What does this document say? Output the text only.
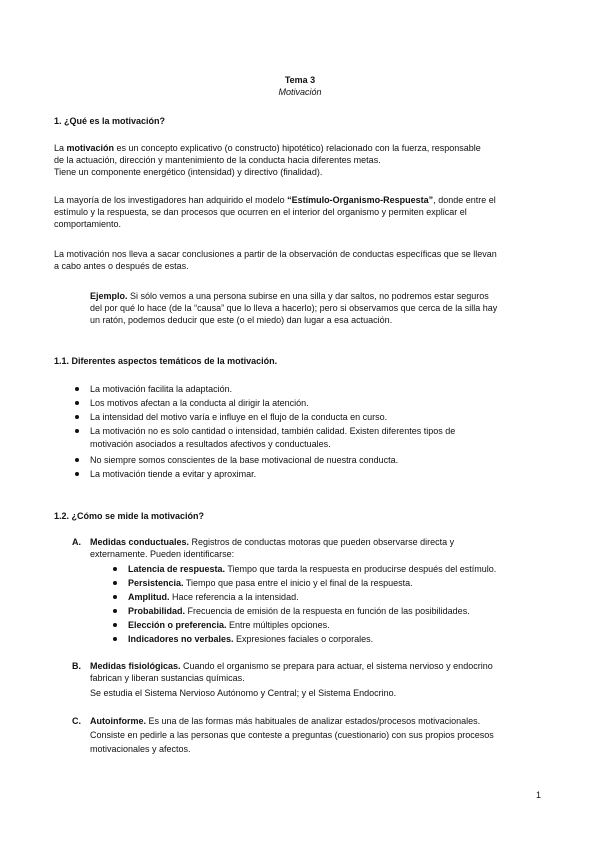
Tema 3
Motivación
1. ¿Qué es la motivación?
La motivación es un concepto explicativo (o constructo) hipotético) relacionado con la fuerza, responsable
de la actuación, dirección y mantenimiento de la conducta hacia diferentes metas.
Tiene un componente energético (intensidad) y directivo (finalidad).
La mayoría de los investigadores han adquirido el modelo “Estímulo-Organismo-Respuesta”, donde entre el
estímulo y la respuesta, se dan procesos que ocurren en el interior del organismo y permiten explicar el
comportamiento.
La motivación nos lleva a sacar conclusiones a partir de la observación de conductas específicas que se llevan
a cabo antes o después de estas.
Ejemplo. Si sólo vemos a una persona subirse en una silla y dar saltos, no podremos estar seguros
del por qué lo hace (de la “causa” que lo lleva a hacerlo); pero si observamos que cerca de la silla hay
un ratón, podemos deducir que este (o el miedo) dan lugar a esa actuación.
1.1. Diferentes aspectos temáticos de la motivación.
La motivación facilita la adaptación.
Los motivos afectan a la conducta al dirigir la atención.
La intensidad del motivo varía e influye en el flujo de la conducta en curso.
La motivación no es solo cantidad o intensidad, también calidad. Existen diferentes tipos de
motivación asociados a resultados afectivos y conductuales.
No siempre somos conscientes de la base motivacional de nuestra conducta.
La motivación tiende a evitar y aproximar.
1.2. ¿Cómo se mide la motivación?
A. Medidas conductuales. Registros de conductas motoras que pueden observarse directa y
externamente. Pueden identificarse:
Latencia de respuesta. Tiempo que tarda la respuesta en producirse después del estímulo.
Persistencia. Tiempo que pasa entre el inicio y el final de la respuesta.
Amplitud. Hace referencia a la intensidad.
Probabilidad. Frecuencia de emisión de la respuesta en función de las posibilidades.
Elección o preferencia. Entre múltiples opciones.
Indicadores no verbales. Expresiones faciales o corporales.
B. Medidas fisiológicas. Cuando el organismo se prepara para actuar, el sistema nervioso y endocrino
fabrican y liberan sustancias químicas.
Se estudia el Sistema Nervioso Autónomo y Central; y el Sistema Endocrino.
C. Autoinforme. Es una de las formas más habituales de analizar estados/procesos motivacionales.
Consiste en pedirle a las personas que conteste a preguntas (cuestionario) con sus propios procesos
motivacionales y afectos.
1
